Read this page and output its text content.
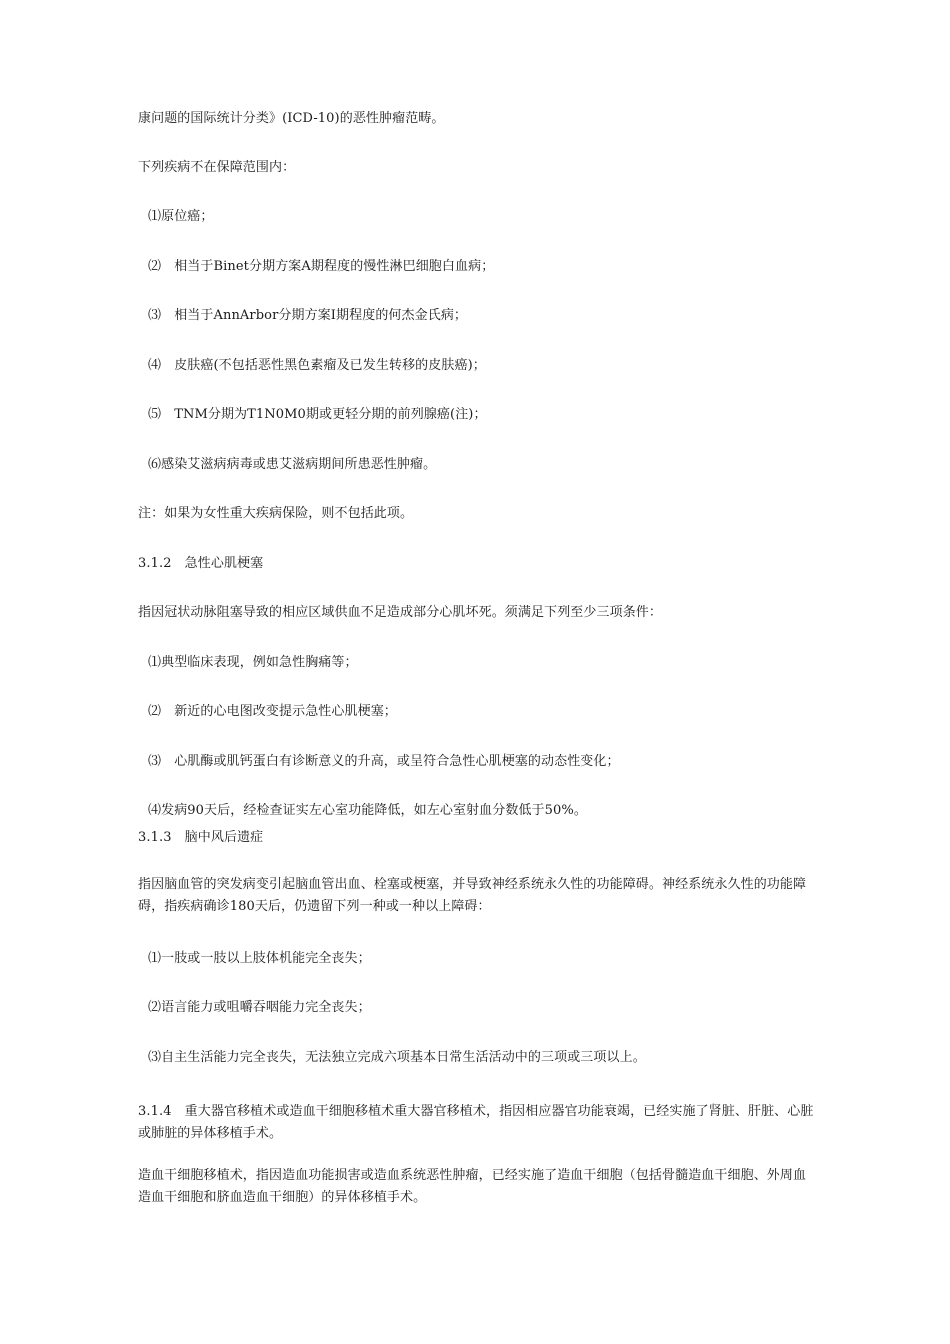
康问题的国际统计分类》(ICD-10)的恶性肿瘤范畴。

下列疾病不在保障范围内：

⑴原位癌；

⑵　相当于Binet分期方案A期程度的慢性淋巴细胞白血病；

⑶　相当于AnnArbor分期方案I期程度的何杰金氏病；

⑷　皮肤癌(不包括恶性黑色素瘤及已发生转移的皮肤癌)；

⑸　TNM分期为T1N0M0期或更轻分期的前列腺癌(注)；

⑹感染艾滋病病毒或患艾滋病期间所患恶性肿瘤。

注：如果为女性重大疾病保险，则不包括此项。

3.1.2　急性心肌梗塞

指因冠状动脉阻塞导致的相应区域供血不足造成部分心肌坏死。须满足下列至少三项条件：

⑴典型临床表现，例如急性胸痛等；

⑵　新近的心电图改变提示急性心肌梗塞；

⑶　心肌酶或肌钙蛋白有诊断意义的升高，或呈符合急性心肌梗塞的动态性变化；

⑷发病90天后，经检查证实左心室功能降低，如左心室射血分数低于50%。

3.1.3　脑中风后遗症

指因脑血管的突发病变引起脑血管出血、栓塞或梗塞，并导致神经系统永久性的功能障碍。神经系统永久性的功能障碍，指疾病确诊180天后，仍遗留下列一种或一种以上障碍：

⑴一肢或一肢以上肢体机能完全丧失；

⑵语言能力或咀嚼吞咽能力完全丧失；

⑶自主生活能力完全丧失，无法独立完成六项基本日常生活活动中的三项或三项以上。

3.1.4　重大器官移植术或造血干细胞移植术重大器官移植术，指因相应器官功能衰竭，已经实施了肾脏、肝脏、心脏或肺脏的异体移植手术。

造血干细胞移植术，指因造血功能损害或造血系统恶性肿瘤，已经实施了造血干细胞（包括骨髓造血干细胞、外周血造血干细胞和脐血造血干细胞）的异体移植手术。
